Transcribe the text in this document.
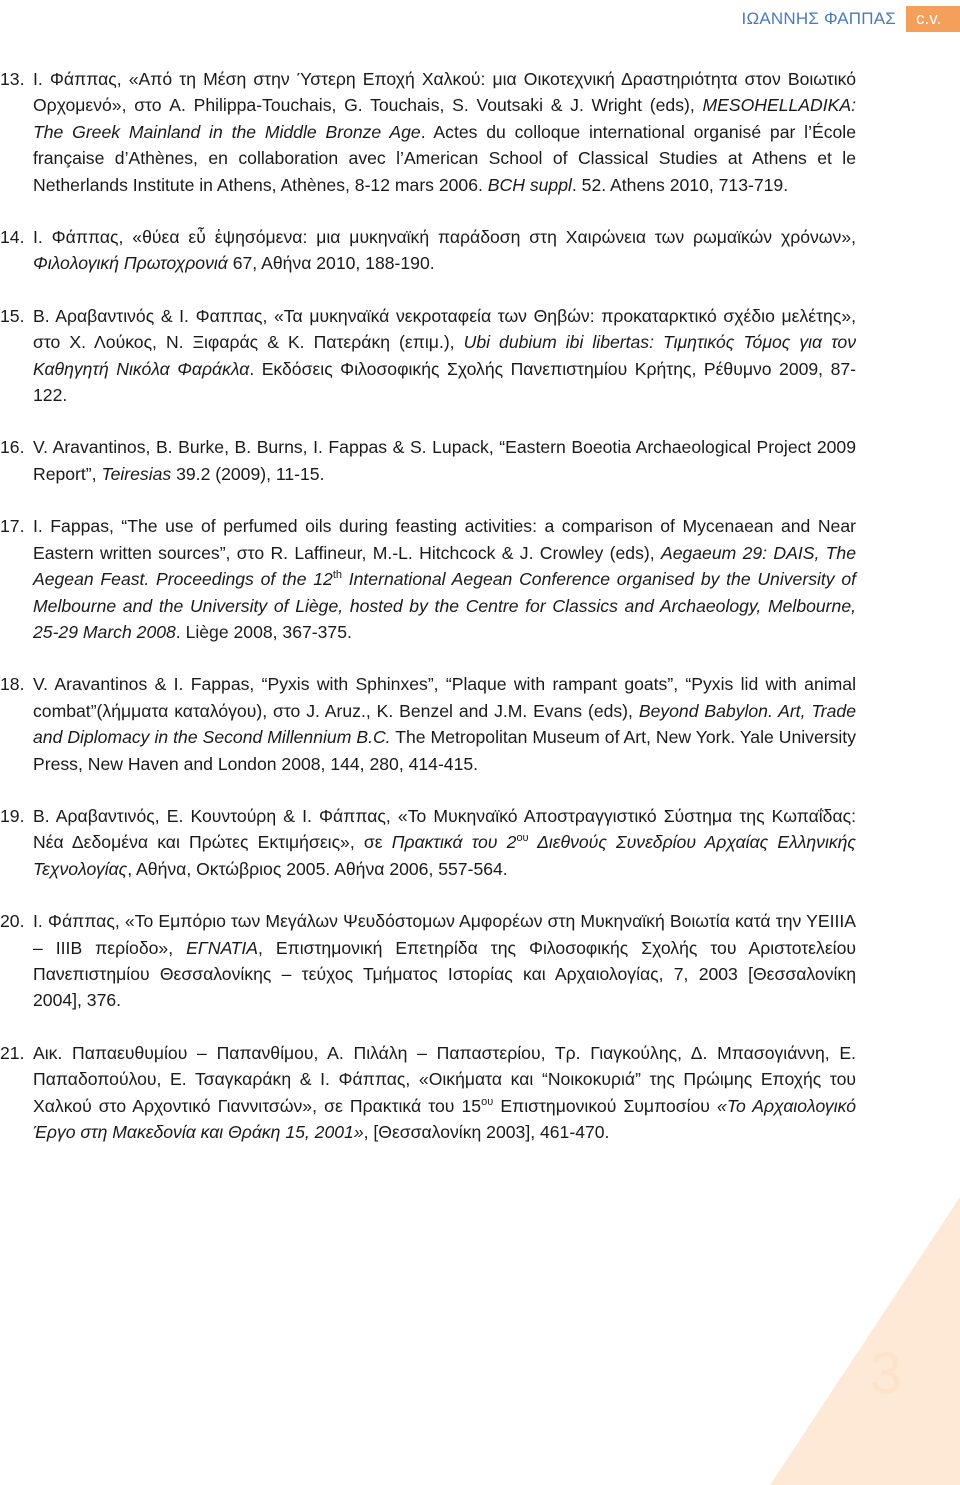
ΙΩΑΝΝΗΣ ΦΑΠΠΑΣ	c.v.
13. Ι. Φάππας, «Από τη Μέση στην Ύστερη Εποχή Χαλκού: μια Οικοτεχνική Δραστηριότητα στον Βοιωτικό Ορχομενό», στο A. Philippa-Touchais, G. Touchais, S. Voutsaki & J. Wright (eds), MESOHELLADIKA: The Greek Mainland in the Middle Bronze Age. Actes du colloque international organisé par l’École française d’Athènes, en collaboration avec l’American School of Classical Studies at Athens et le Netherlands Institute in Athens, Athènes, 8-12 mars 2006. BCH suppl. 52. Athens 2010, 713-719.
14. Ι. Φάππας, «θύεα εὖ ἑψησόμενα: μια μυκηναϊκή παράδοση στη Χαιρώνεια των ρωμαϊκών χρόνων», Φιλολογική Πρωτοχρονιά 67, Αθήνα 2010, 188-190.
15. Β. Αραβαντινός & Ι. Φαππας, «Τα μυκηναϊκά νεκροταφεία των Θηβών: προκαταρκτικό σχέδιο μελέτης», στο Χ. Λούκος, Ν. Ξιφαράς & Κ. Πατεράκη (επιμ.), Ubi dubium ibi libertas: Τιμητικός Τόμος για τον Καθηγητή Νικόλα Φαράκλα. Εκδόσεις Φιλοσοφικής Σχολής Πανεπιστημίου Κρήτης, Ρέθυμνο 2009, 87-122.
16. V. Aravantinos, B. Burke, B. Burns, I. Fappas & S. Lupack, “Eastern Boeotia Archaeological Project 2009 Report”, Teiresias 39.2 (2009), 11-15.
17. I. Fappas, “The use of perfumed oils during feasting activities: a comparison of Mycenaean and Near Eastern written sources”, στο R. Laffineur, M.-L. Hitchcock & J. Crowley (eds), Aegaeum 29: DAIS, The Aegean Feast. Proceedings of the 12th International Aegean Conference organised by the University of Melbourne and the University of Liège, hosted by the Centre for Classics and Archaeology, Melbourne, 25-29 March 2008. Liège 2008, 367-375.
18. V. Aravantinos & I. Fappas, “Pyxis with Sphinxes”, “Plaque with rampant goats”, “Pyxis lid with animal combat”(λήμματα καταλόγου), στο J. Aruz., K. Benzel and J.M. Evans (eds), Beyond Babylon. Art, Trade and Diplomacy in the Second Millennium B.C. The Metropolitan Museum of Art, New York. Yale University Press, New Haven and London 2008, 144, 280, 414-415.
19. Β. Αραβαντινός, Ε. Κουντούρη & Ι. Φάππας, «Το Μυκηναϊκό Αποστραγγιστικό Σύστημα της Κωπαΐδας: Νέα Δεδομένα και Πρώτες Εκτιμήσεις», σε Πρακτικά του $2^{o\upsilon}$ Διεθνούς Συνεδρίου Αρχαίας Ελληνικής Τεχνολογίας, Αθήνα, Οκτώβριος 2005. Αθήνα 2006, 557-564.
20. Ι. Φάππας, «Το Εμπόριο των Μεγάλων Ψευδόστομων Αμφορέων στη Μυκηναϊκή Βοιωτία κατά την ΥΕΙΙΙΑ – ΙΙΙΒ περίοδο», ΕΓΝΑΤΙΑ, Επιστημονική Επετηρίδα της Φιλοσοφικής Σχολής του Αριστοτελείου Πανεπιστημίου Θεσσαλονίκης – τεύχος Τμήματος Ιστορίας και Αρχαιολογίας, 7, 2003 [Θεσσαλονίκη 2004], 376.
21. Αικ. Παπαευθυμίου – Παπανθίμου, Α. Πιλάλη – Παπαστερίου, Τρ. Γιαγκούλης, Δ. Μπασογιάννη, Ε. Παπαδοπούλου, Ε. Τσαγκαράκη & Ι. Φάππας, «Οικήματα και “Νοικοκυριά” της Πρώιμης Εποχής του Χαλκού στο Αρχοντικό Γιαννιτσών», σε Πρακτικά του $15^{o\upsilon}$ Επιστημονικού Συμποσίου «Το Αρχαιολογικό Έργο στη Μακεδονία και Θράκη 15, 2001», [Θεσσαλονίκη 2003], 461-470.
3
